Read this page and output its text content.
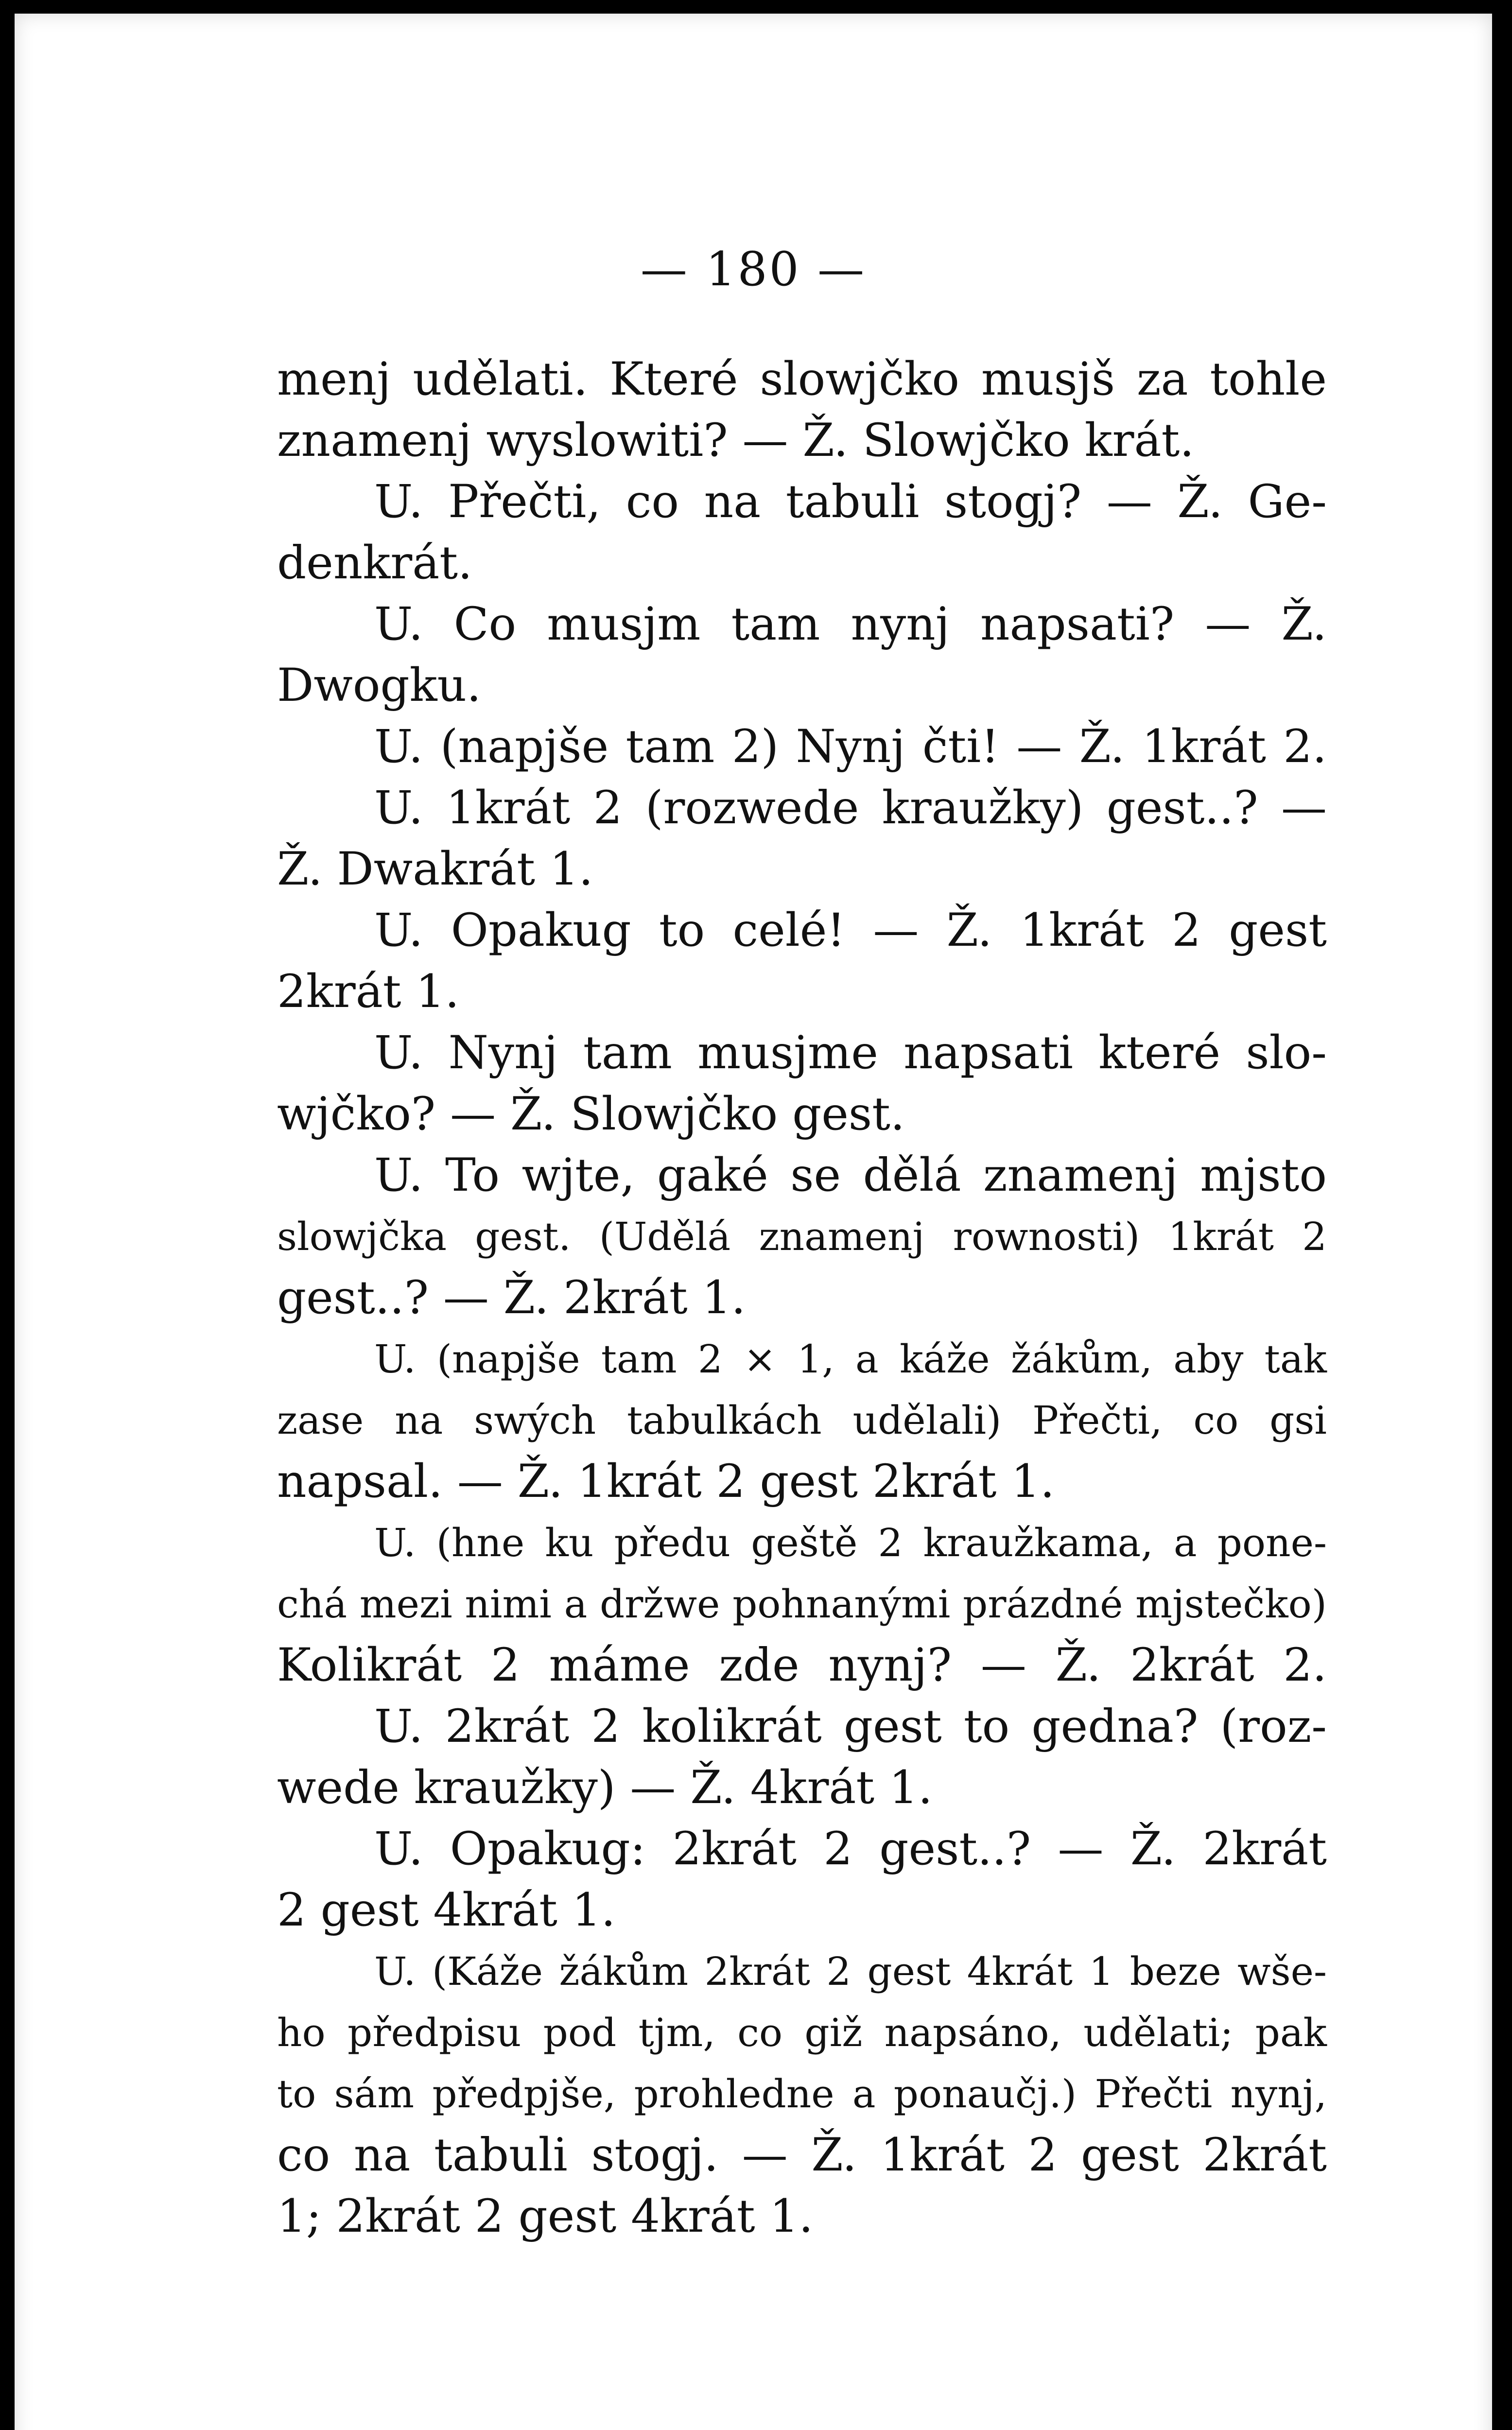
— 180 —
menj udělati. Které slowjčko musjš za tohle
znamenj wyslowiti? — Ž. Slowjčko krát.
U. Přečti, co na tabuli stogj? — Ž. Ge-
denkrát.
U. Co musjm tam nynj napsati? — Ž.
Dwogku.
U. (napjše tam 2) Nynj čti! — Ž. 1krát 2.
U. 1krát 2 (rozwede kraužky) gest..? —
Ž. Dwakrát 1.
U. Opakug to celé! — Ž. 1krát 2 gest
2krát 1.
U. Nynj tam musjme napsati které slo-
wjčko? — Ž. Slowjčko gest.
U. To wjte, gaké se dělá znamenj mjsto
slowjčka gest. (Udělá znamenj rownosti) 1krát 2
gest..? — Ž. 2krát 1.
U. (napjše tam 2 × 1, a káže žákům, aby tak
zase na swých tabulkách udělali) Přečti, co gsi
napsal. — Ž. 1krát 2 gest 2krát 1.
U. (hne ku předu geště 2 kraužkama, a pone-
chá mezi nimi a držwe pohnanými prázdné mjstečko)
Kolikrát 2 máme zde nynj? — Ž. 2krát 2.
U. 2krát 2 kolikrát gest to gedna? (roz-
wede kraužky) — Ž. 4krát 1.
U. Opakug: 2krát 2 gest..? — Ž. 2krát
2 gest 4krát 1.
U. (Káže žákům 2krát 2 gest 4krát 1 beze wše-
ho předpisu pod tjm, co giž napsáno, udělati; pak
to sám předpjše, prohledne a ponaučj.) Přečti nynj,
co na tabuli stogj. — Ž. 1krát 2 gest 2krát
1; 2krát 2 gest 4krát 1.
